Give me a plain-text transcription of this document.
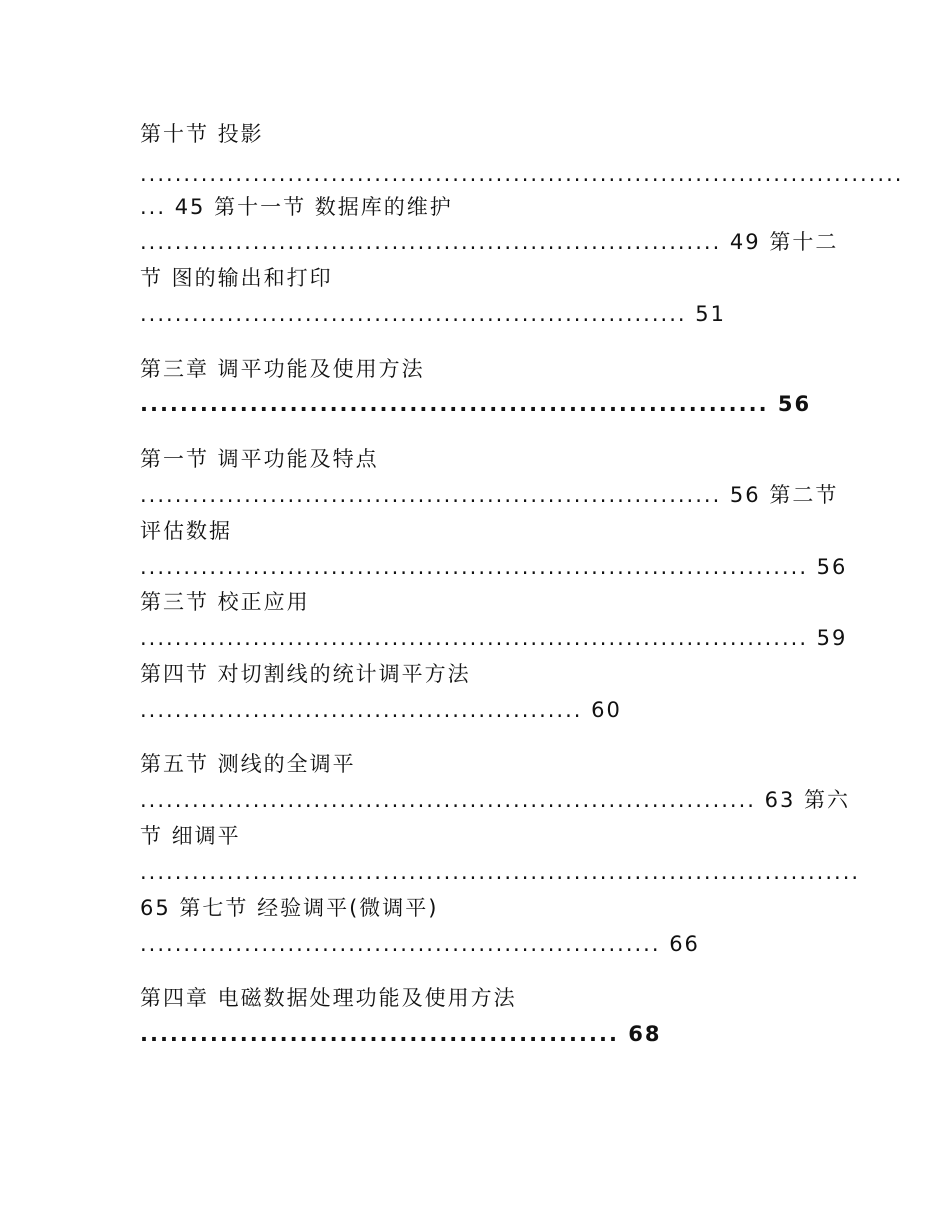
第十节 投影
........................................................................................
... 45 第十一节 数据库的维护
................................................................... 49 第十二
节 图的输出和打印
............................................................... 51
第三章 调平功能及使用方法
............................................................... 56
第一节 调平功能及特点
................................................................... 56 第二节
评估数据
............................................................................. 56
第三节 校正应用
............................................................................. 59
第四节 对切割线的统计调平方法
................................................... 60
第五节 测线的全调平
....................................................................... 63 第六
节 细调平
...................................................................................
65 第七节 经验调平(微调平)
............................................................ 66
第四章 电磁数据处理功能及使用方法
................................................ 68
